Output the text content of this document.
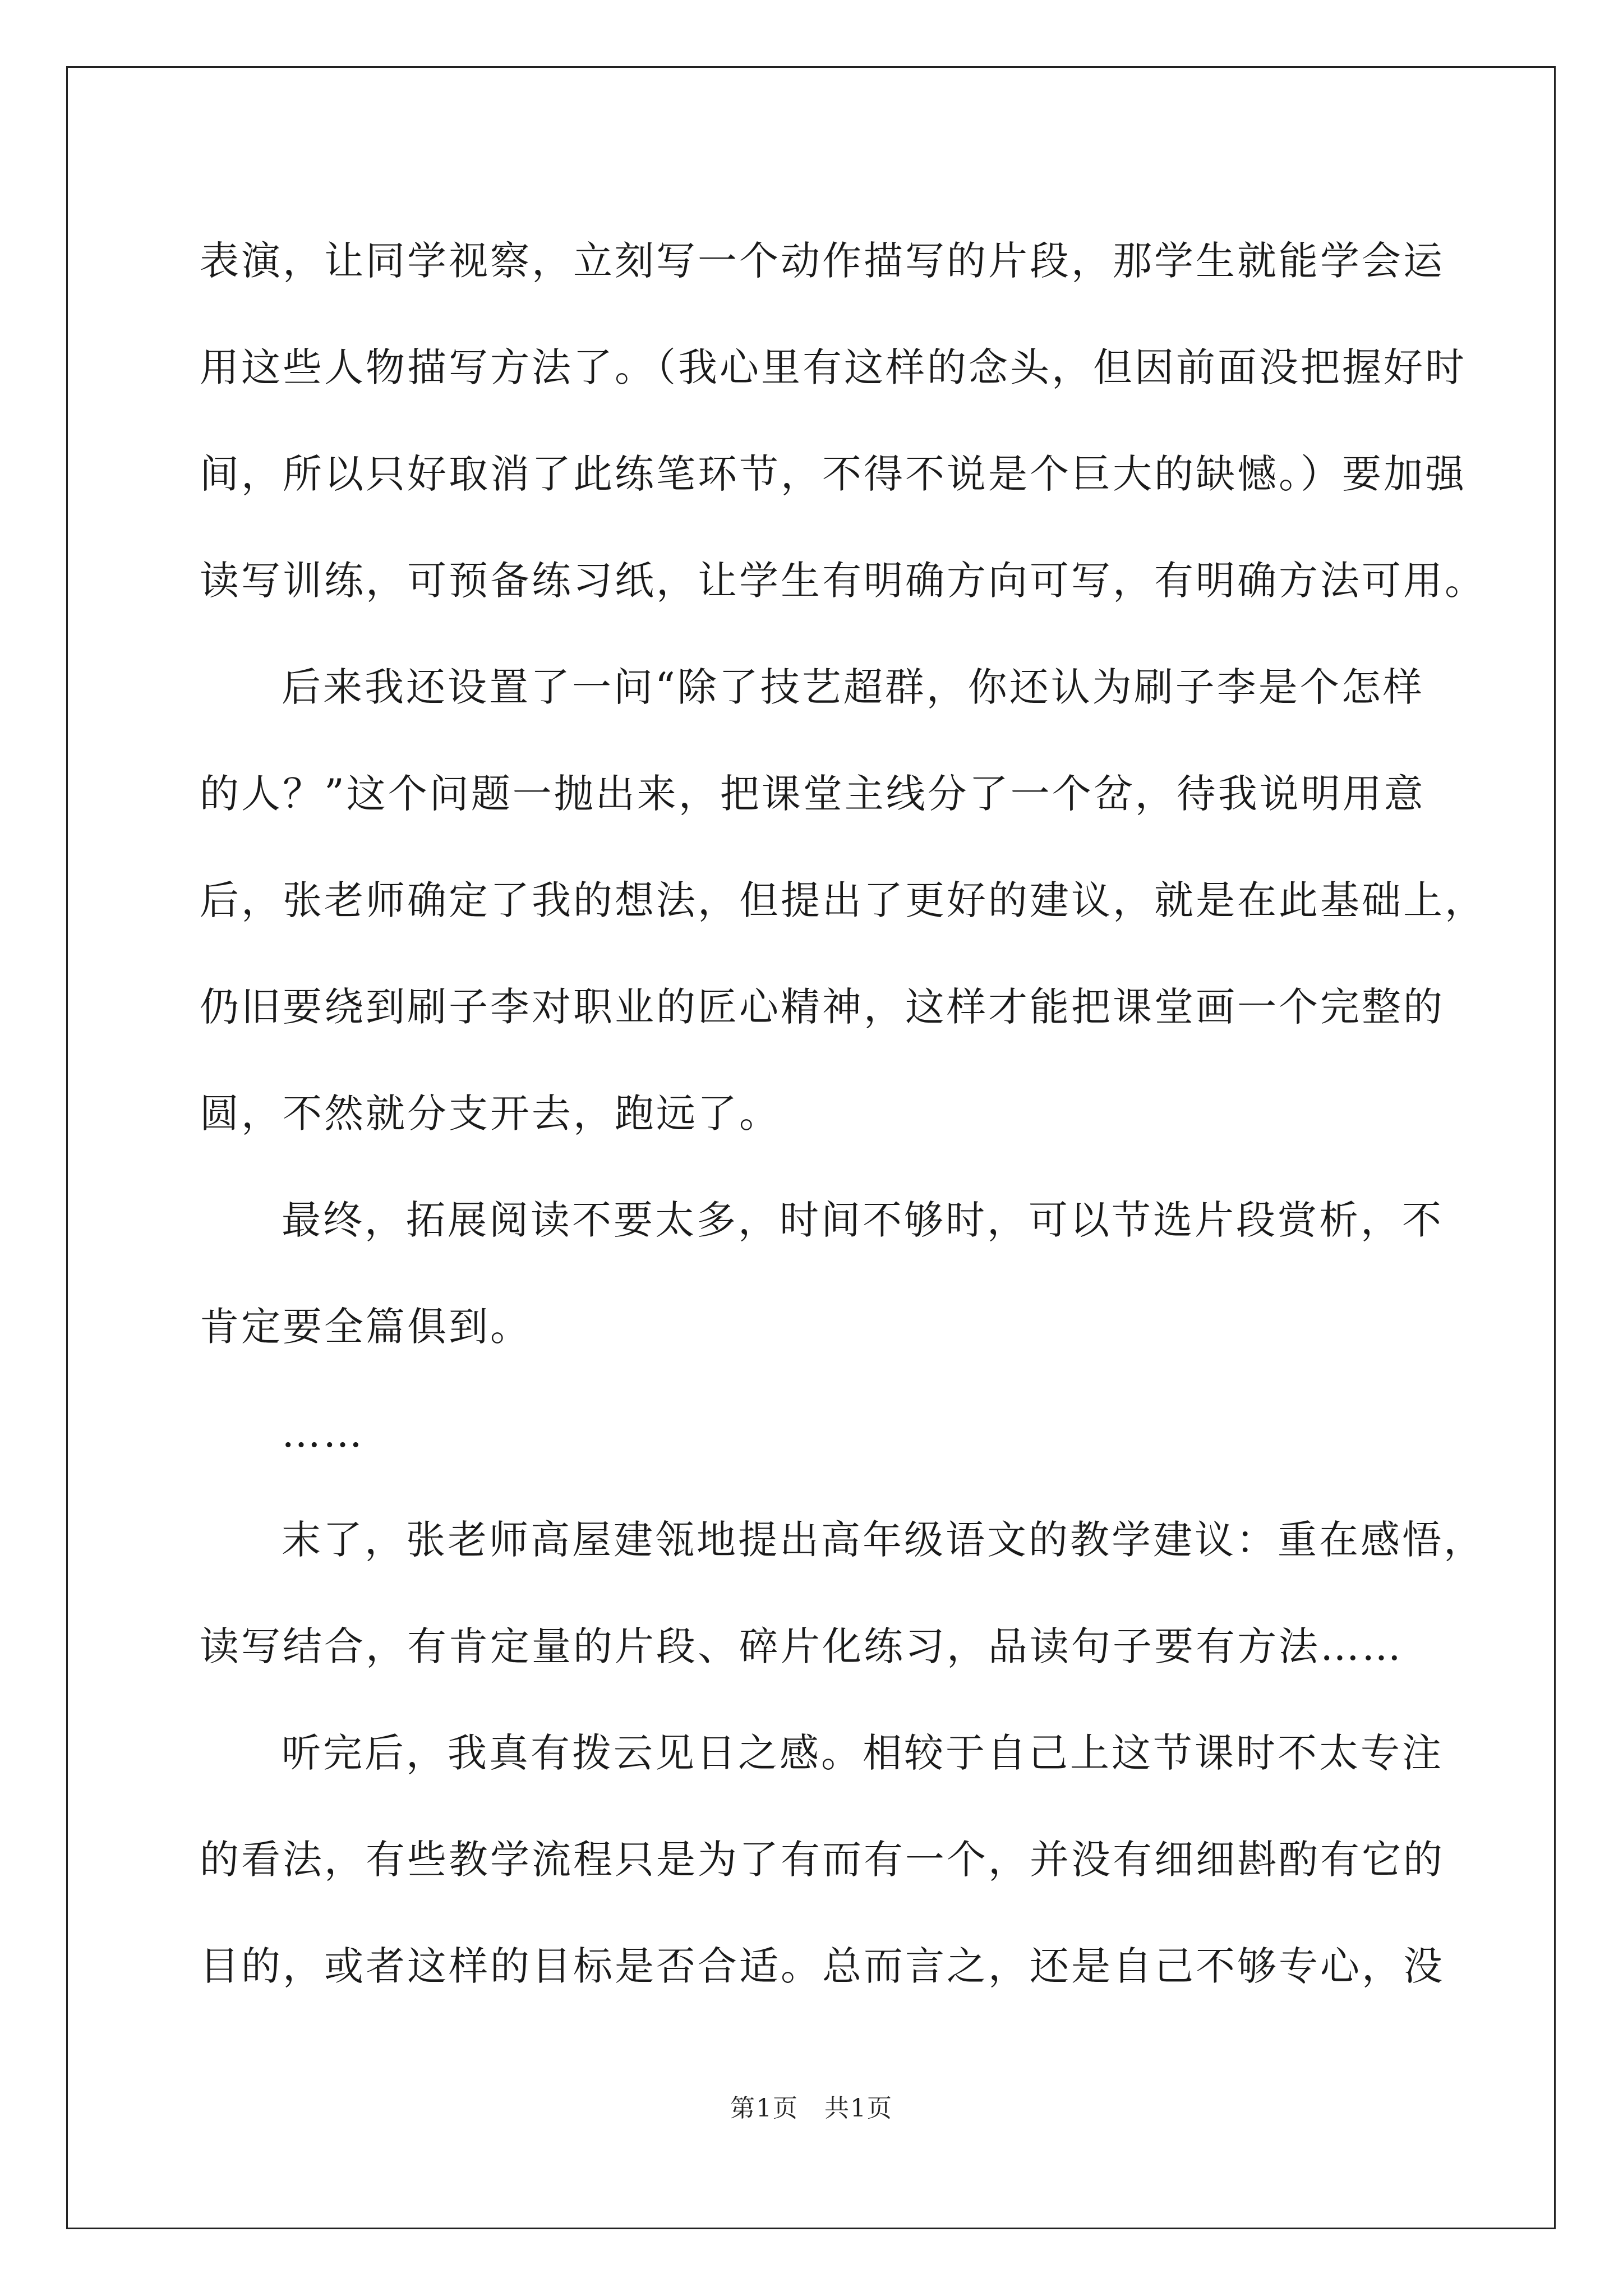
表演，让同学视察，立刻写一个动作描写的片段，那学生就能学会运
用这些人物描写方法了。（我心里有这样的念头，但因前面没把握好时
间，所以只好取消了此练笔环节，不得不说是个巨大的缺憾。）要加强
读写训练，可预备练习纸，让学生有明确方向可写，有明确方法可用。

后来我还设置了一问“除了技艺超群，你还认为刷子李是个怎样
的人？”这个问题一抛出来，把课堂主线分了一个岔，待我说明用意
后，张老师确定了我的想法，但提出了更好的建议，就是在此基础上，
仍旧要绕到刷子李对职业的匠心精神，这样才能把课堂画一个完整的
圆，不然就分支开去，跑远了。

最终，拓展阅读不要太多，时间不够时，可以节选片段赏析，不
肯定要全篇俱到。

……

末了，张老师高屋建瓴地提出高年级语文的教学建议：重在感悟，
读写结合，有肯定量的片段、碎片化练习，品读句子要有方法……

听完后，我真有拨云见日之感。相较于自己上这节课时不太专注
的看法，有些教学流程只是为了有而有一个，并没有细细斟酌有它的
目的，或者这样的目标是否合适。总而言之，还是自己不够专心，没

第1页　共1页
